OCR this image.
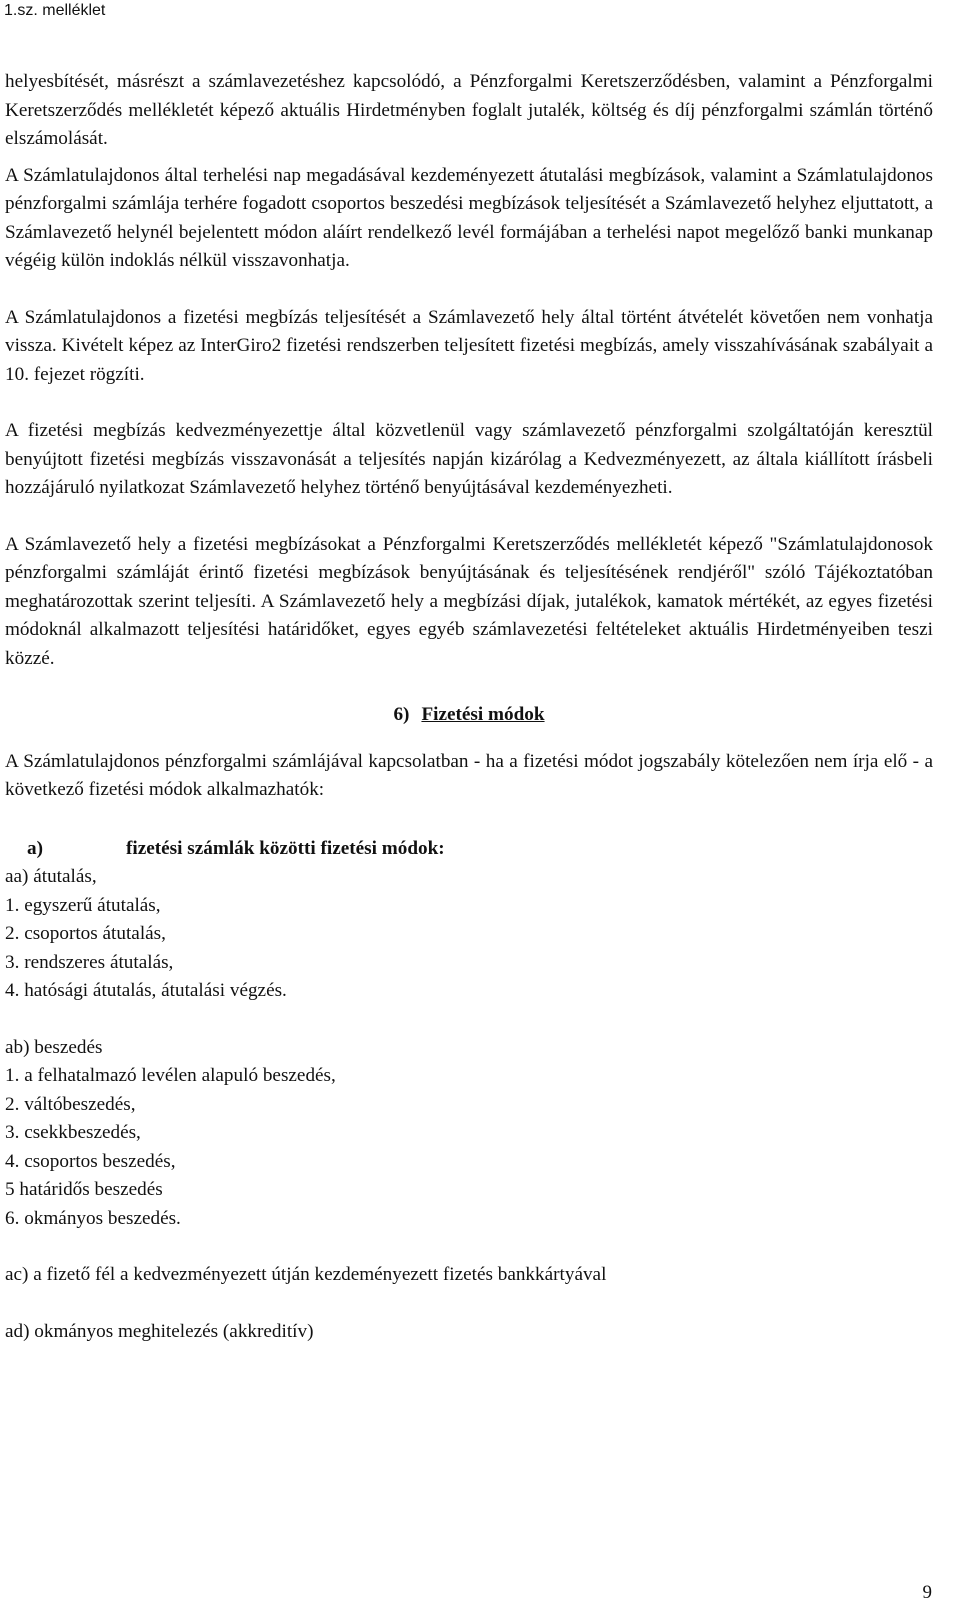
1.sz. melléklet

helyesbítését, másrészt a számlavezetéshez kapcsolódó, a Pénzforgalmi Keretszerződésben, valamint a Pénzforgalmi Keretszerződés mellékletét képező aktuális Hirdetményben foglalt jutalék, költség és díj pénzforgalmi számlán történő elszámolását.

A Számlatulajdonos által terhelési nap megadásával kezdeményezett átutalási megbízások, valamint a Számlatulajdonos pénzforgalmi számlája terhére fogadott csoportos beszedési megbízások teljesítését a Számlavezető helyhez eljuttatott, a Számlavezető helynél bejelentett módon aláírt rendelkező levél formájában a terhelési napot megelőző banki munkanap végéig külön indoklás nélkül visszavonhatja.

A Számlatulajdonos a fizetési megbízás teljesítését a Számlavezető hely által történt átvételét követően nem vonhatja vissza. Kivételt képez az InterGiro2 fizetési rendszerben teljesített fizetési megbízás, amely visszahívásának szabályait a 10. fejezet rögzíti.

A fizetési megbízás kedvezményezettje által közvetlenül vagy számlavezető pénzforgalmi szolgáltatóján keresztül benyújtott fizetési megbízás visszavonását a teljesítés napján kizárólag a Kedvezményezett, az általa kiállított írásbeli hozzájáruló nyilatkozat Számlavezető helyhez történő benyújtásával kezdeményezheti.

A Számlavezető hely a fizetési megbízásokat a Pénzforgalmi Keretszerződés mellékletét képező "Számlatulajdonosok pénzforgalmi számláját érintő fizetési megbízások benyújtásának és teljesítésének rendjéről" szóló Tájékoztatóban meghatározottak szerint teljesíti. A Számlavezető hely a megbízási díjak, jutalékok, kamatok mértékét, az egyes fizetési módoknál alkalmazott teljesítési határidőket, egyes egyéb számlavezetési feltételeket aktuális Hirdetményeiben teszi közzé.

6) Fizetési módok

A Számlatulajdonos pénzforgalmi számlájával kapcsolatban - ha a fizetési módot jogszabály kötelezően nem írja elő - a következő fizetési módok alkalmazhatók:

a)	fizetési számlák közötti fizetési módok:

aa) átutalás,

1. egyszerű átutalás,

2. csoportos átutalás,

3. rendszeres átutalás,

4. hatósági átutalás, átutalási végzés.

ab) beszedés

1. a felhatalmazó levélen alapuló beszedés,

2. váltóbeszedés,

3. csekkbeszedés,

4. csoportos beszedés,

5 határidős beszedés

6. okmányos beszedés.

ac) a fizető fél a kedvezményezett útján kezdeményezett fizetés bankkártyával

ad) okmányos meghitelezés (akkreditív)

9
